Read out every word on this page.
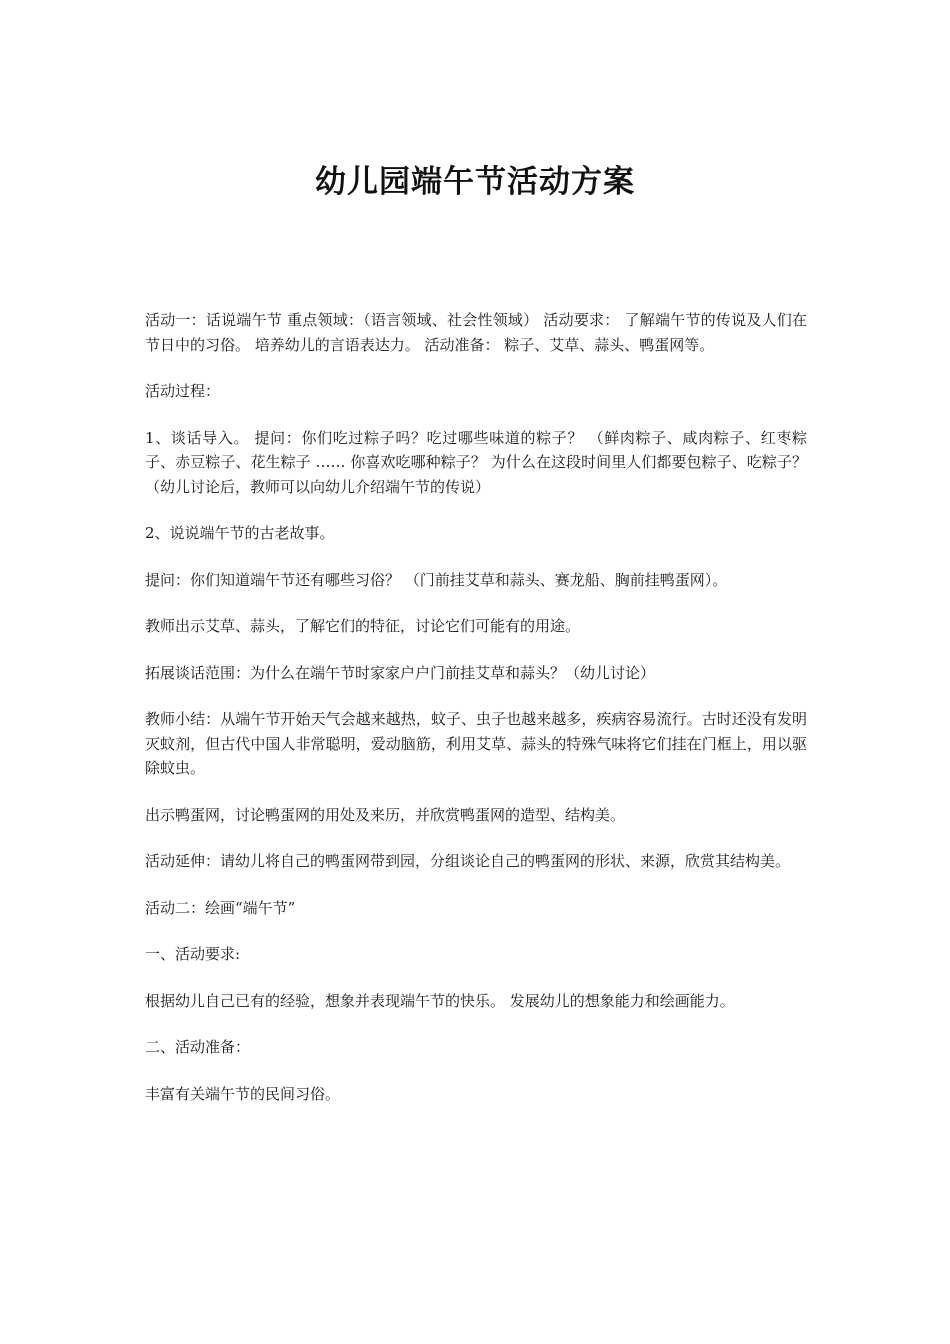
幼儿园端午节活动方案

活动一：话说端午节 重点领域：（语言领域、社会性领域） 活动要求： 了解端午节的传说及人们在节日中的习俗。 培养幼儿的言语表达力。 活动准备： 粽子、艾草、蒜头、鸭蛋网等。

活动过程：

1、谈话导入。 提问：你们吃过粽子吗？吃过哪些味道的粽子？ （鲜肉粽子、咸肉粽子、红枣粽子、赤豆粽子、花生粽子 …… 你喜欢吃哪种粽子？ 为什么在这段时间里人们都要包粽子、吃粽子？ （幼儿讨论后，教师可以向幼儿介绍端午节的传说）

2、说说端午节的古老故事。

提问：你们知道端午节还有哪些习俗？ （门前挂艾草和蒜头、赛龙船、胸前挂鸭蛋网）。

教师出示艾草、蒜头，了解它们的特征，讨论它们可能有的用途。

拓展谈话范围：为什么在端午节时家家户户门前挂艾草和蒜头？（幼儿讨论）

教师小结：从端午节开始天气会越来越热，蚊子、虫子也越来越多，疾病容易流行。古时还没有发明灭蚊剂，但古代中国人非常聪明，爱动脑筋，利用艾草、蒜头的特殊气味将它们挂在门框上，用以驱除蚊虫。

出示鸭蛋网，讨论鸭蛋网的用处及来历，并欣赏鸭蛋网的造型、结构美。

活动延伸：请幼儿将自己的鸭蛋网带到园，分组谈论自己的鸭蛋网的形状、来源，欣赏其结构美。

活动二：绘画“端午节”

一、活动要求:

根据幼儿自己已有的经验，想象并表现端午节的快乐。 发展幼儿的想象能力和绘画能力。

二、活动准备：

丰富有关端午节的民间习俗。
